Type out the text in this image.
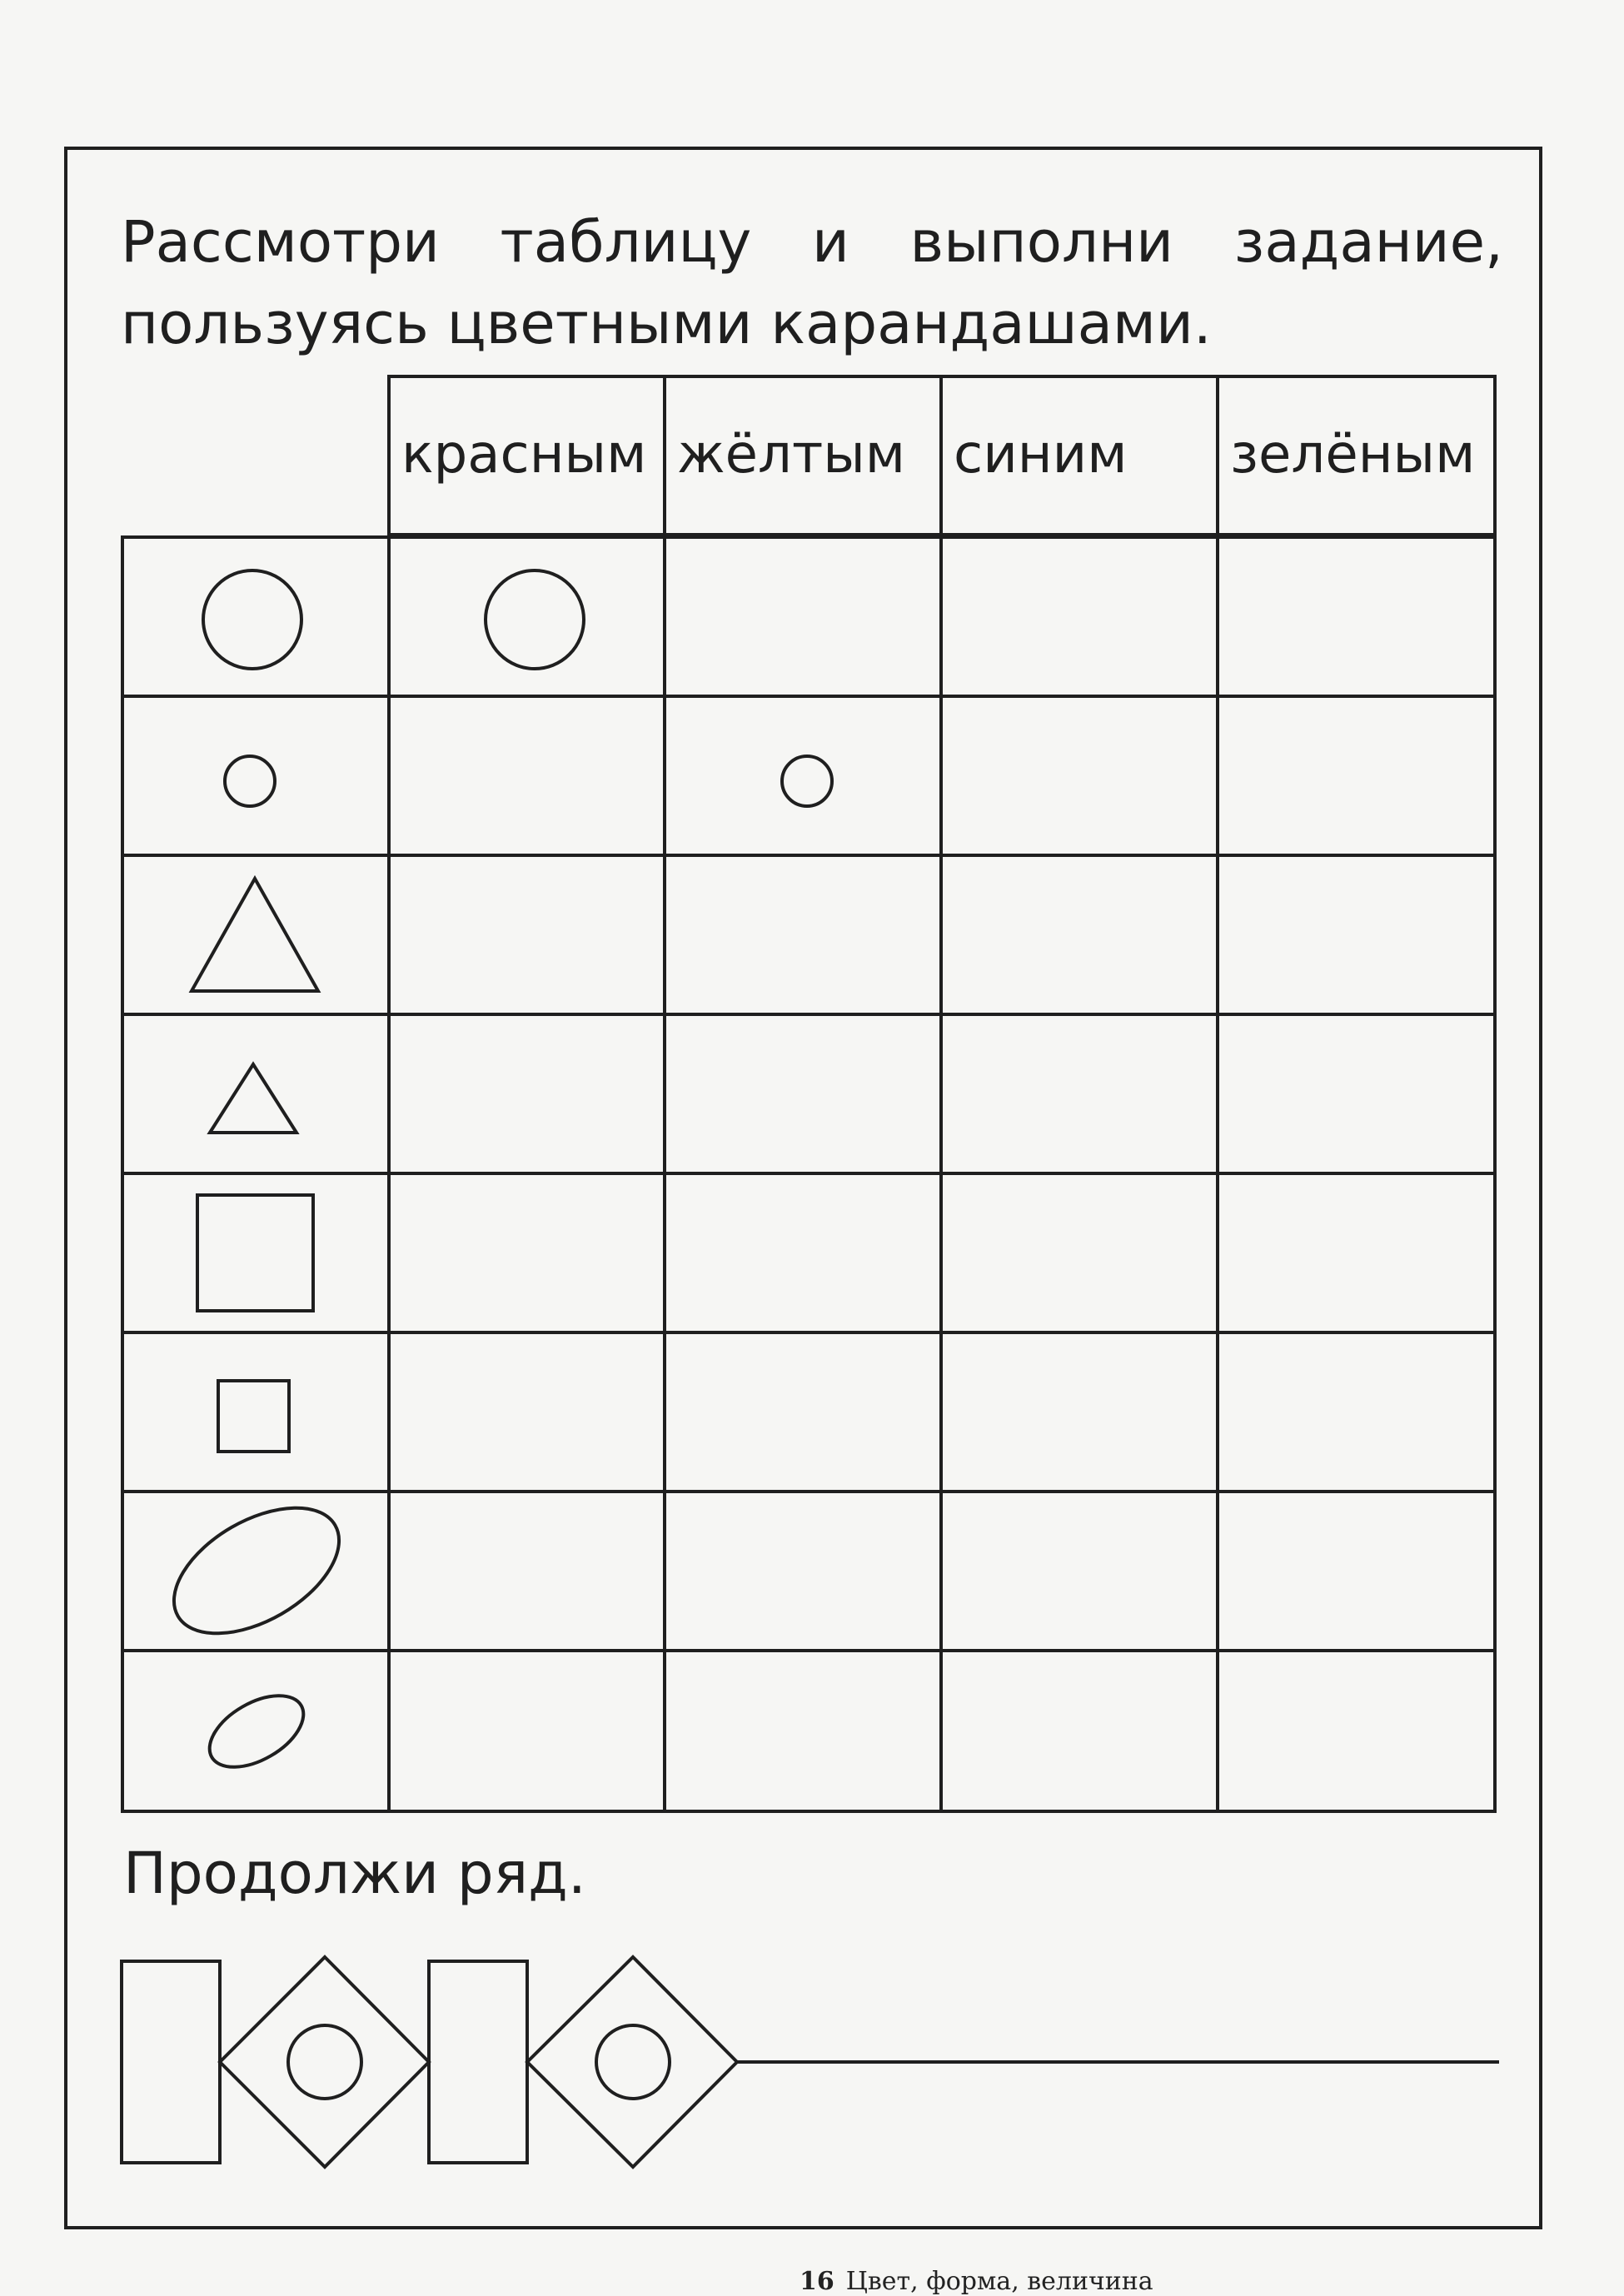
Рассмотри таблицу и выполни задание, пользуясь цветными карандашами.

красным жёлтым синим зелёным

Продолжи ряд.

16 Цвет, форма, величина
